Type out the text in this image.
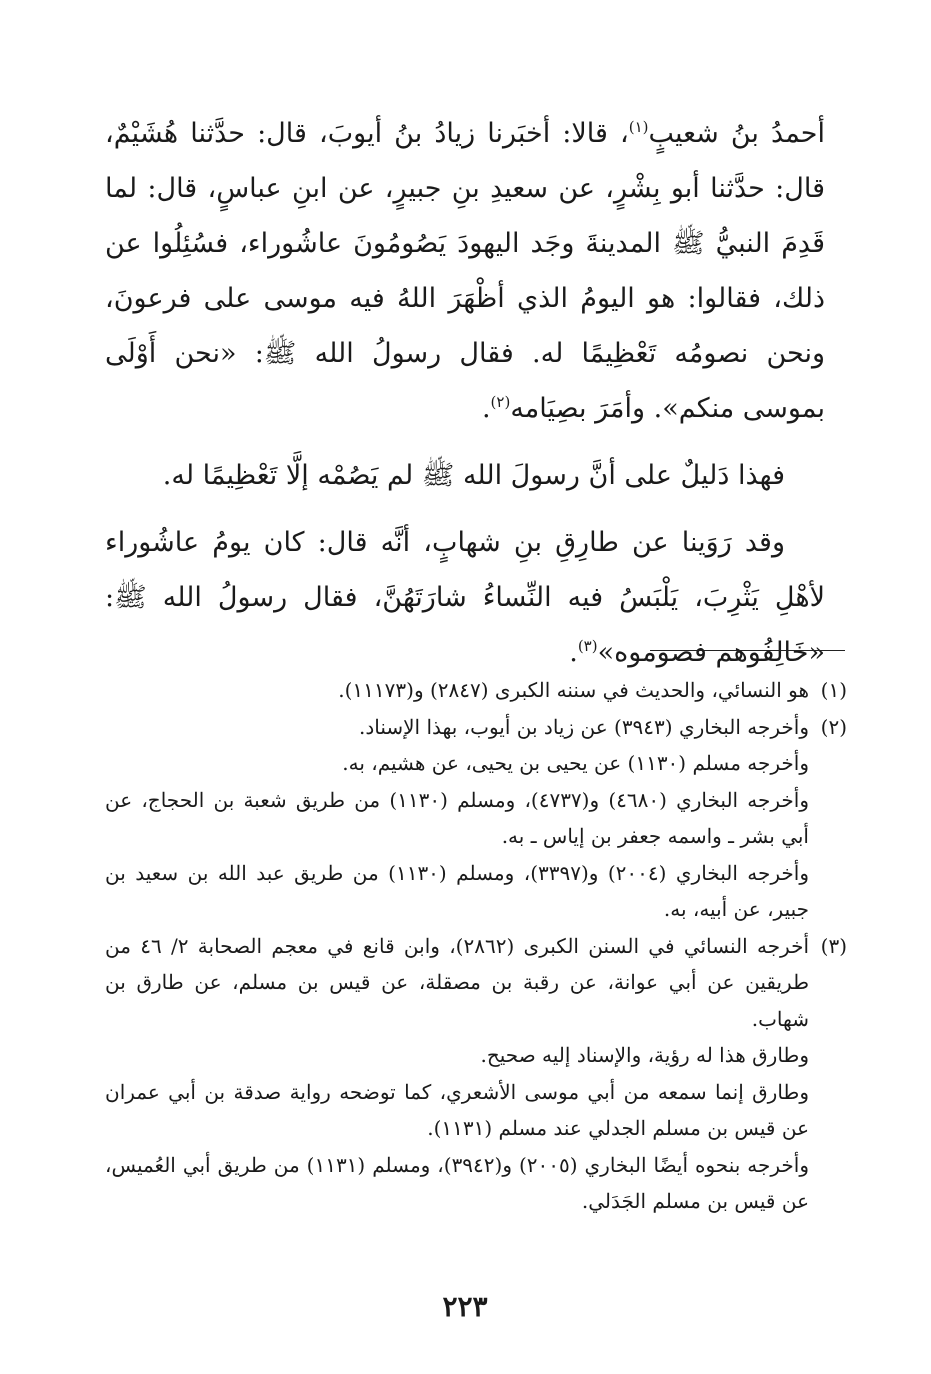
أحمدُ بنُ شعيبٍ$^{(١)}$، قالا: أخبَرنا زيادُ بنُ أيوبَ، قال: حدَّثنا هُشَيْمٌ، قال: حدَّثنا أبو بِشْرٍ، عن سعيدِ بنِ جبيرٍ، عن ابنِ عباسٍ، قال: لما قَدِمَ النبيُّ ﷺ المدينةَ وجَد اليهودَ يَصُومُونَ عاشُوراء، فسُئِلُوا عن ذلك، فقالوا: هو اليومُ الذي أظْهَرَ اللهُ فيه موسى على فرعونَ، ونحن نصومُه تَعْظِيمًا له. فقال رسولُ الله ﷺ: «نحن أَوْلَى بموسى منكم». وأمَرَ بصِيَامه$^{(٢)}$.

فهذا دَليلٌ على أنَّ رسولَ الله ﷺ لم يَصُمْه إلَّا تَعْظِيمًا له.

وقد رَوَينا عن طارِقِ بنِ شهابٍ، أنَّه قال: كان يومُ عاشُوراء لأهْلِ يَثْرِبَ، يَلْبَسُ فيه النِّساءُ شارَتَهُنَّ، فقال رسولُ الله ﷺ: «خَالِفُوهم فصوموه»$^{(٣)}$.

(١)
هو النسائي، والحديث في سننه الكبرى (٢٨٤٧) و(١١١٧٣).

(٢)
وأخرجه البخاري (٣٩٤٣) عن زياد بن أيوب، بهذا الإسناد.

وأخرجه مسلم (١١٣٠) عن يحيى بن يحيى، عن هشيم، به.

وأخرجه البخاري (٤٦٨٠) و(٤٧٣٧)، ومسلم (١١٣٠) من طريق شعبة بن الحجاج، عن أبي بشر ـ واسمه جعفر بن إياس ـ به.

وأخرجه البخاري (٢٠٠٤) و(٣٣٩٧)، ومسلم (١١٣٠) من طريق عبد الله بن سعيد بن جبير، عن أبيه، به.

(٣)
أخرجه النسائي في السنن الكبرى (٢٨٦٢)، وابن قانع في معجم الصحابة ٢/ ٤٦ من طريقين عن أبي عوانة، عن رقبة بن مصقلة، عن قيس بن مسلم، عن طارق بن شهاب.

وطارق هذا له رؤية، والإسناد إليه صحيح.

وطارق إنما سمعه من أبي موسى الأشعري، كما توضحه رواية صدقة بن أبي عمران عن قيس بن مسلم الجدلي عند مسلم (١١٣١).

وأخرجه بنحوه أيضًا البخاري (٢٠٠٥) و(٣٩٤٢)، ومسلم (١١٣١) من طريق أبي العُميس، عن قيس بن مسلم الجَدَلي.

٢٢٣
